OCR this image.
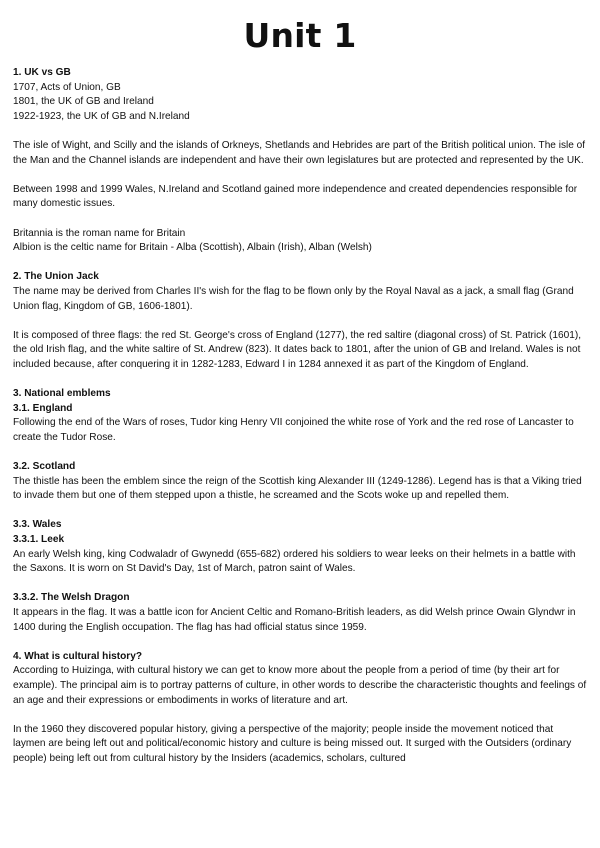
Unit 1
1. UK vs GB
1707, Acts of Union, GB
1801, the UK of GB and Ireland
1922-1923, the UK of GB and N.Ireland
The isle of Wight, and Scilly and the islands of Orkneys, Shetlands and Hebrides are part of the British political union. The isle of the Man and the Channel islands are independent and have their own legislatures but are protected and represented by the UK.
Between 1998 and 1999 Wales, N.Ireland and Scotland gained more independence and created dependencies responsible for many domestic issues.
Britannia is the roman name for Britain
Albion is the celtic name for Britain - Alba (Scottish), Albain (Irish), Alban (Welsh)
2. The Union Jack
The name may be derived from Charles II's wish for the flag to be flown only by the Royal Naval as a jack, a small flag (Grand Union flag, Kingdom of GB, 1606-1801).
It is composed of three flags: the red St. George's cross of England (1277), the red saltire (diagonal cross) of St. Patrick (1601), the old Irish flag, and the white saltire of St. Andrew (823). It dates back to 1801, after the union of GB and Ireland. Wales is not included because, after conquering it in 1282-1283, Edward I in 1284 annexed it as part of the Kingdom of England.
3. National emblems
3.1. England
Following the end of the Wars of roses, Tudor king Henry VII conjoined the white rose of York and the red rose of Lancaster to create the Tudor Rose.
3.2. Scotland
The thistle has been the emblem since the reign of the Scottish king Alexander III (1249-1286). Legend has is that a Viking tried to invade them but one of them stepped upon a thistle, he screamed and the Scots woke up and repelled them.
3.3. Wales
3.3.1. Leek
An early Welsh king, king Codwaladr of Gwynedd (655-682) ordered his soldiers to wear leeks on their helmets in a battle with the Saxons. It is worn on St David's Day, 1st of March, patron saint of Wales.
3.3.2. The Welsh Dragon
It appears in the flag. It was a battle icon for Ancient Celtic and Romano-British leaders, as did Welsh prince Owain Glyndwr in 1400 during the English occupation. The flag has had official status since 1959.
4. What is cultural history?
According to Huizinga, with cultural history we can get to know more about the people from a period of time (by their art for example). The principal aim is to portray patterns of culture, in other words to describe the characteristic thoughts and feelings of an age and their expressions or embodiments in works of literature and art.
In the 1960 they discovered popular history, giving a perspective of the majority; people inside the movement noticed that laymen are being left out and political/economic history and culture is being missed out. It surged with the Outsiders (ordinary people) being left out from cultural history by the Insiders (academics, scholars, cultured
